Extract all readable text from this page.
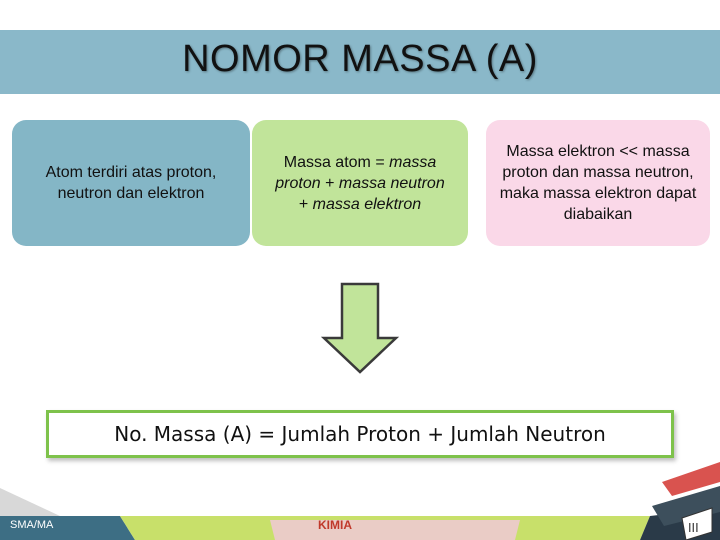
NOMOR MASSA (A)
Atom terdiri atas proton, neutron dan elektron
Massa atom = massa
proton + massa neutron
+ massa elektron
Massa elektron << massa proton dan massa neutron, maka massa elektron dapat diabaikan
No. Massa (A) = Jumlah Proton + Jumlah Neutron
III
SMA/MA	KIMIA
